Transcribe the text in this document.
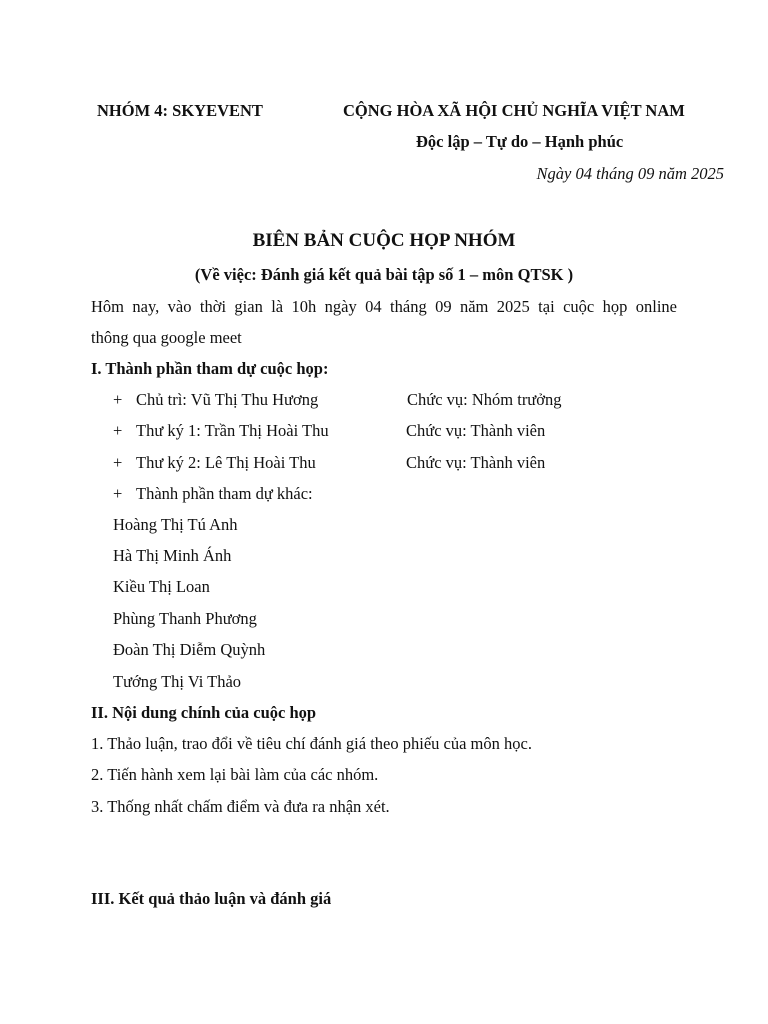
NHÓM 4: SKYEVENT	CỘNG HÒA XÃ HỘI CHỦ NGHĨA VIỆT NAM
Độc lập – Tự do – Hạnh phúc
Ngày 04 tháng 09 năm 2025
BIÊN BẢN CUỘC HỌP NHÓM
(Về việc: Đánh giá kết quả bài tập số 1 – môn QTSK )
Hôm nay, vào thời gian là 10h ngày 04 tháng 09 năm 2025 tại cuộc họp online
thông qua google meet
I. Thành phần tham dự cuộc họp:
+ Chủ trì: Vũ Thị Thu Hương	Chức vụ: Nhóm trưởng
+ Thư ký 1: Trần Thị Hoài Thu	Chức vụ: Thành viên
+ Thư ký 2: Lê Thị Hoài Thu	Chức vụ: Thành viên
+ Thành phần tham dự khác:
Hoàng Thị Tú Anh
Hà Thị Minh Ánh
Kiều Thị Loan
Phùng Thanh Phương
Đoàn Thị Diễm Quỳnh
Tướng Thị Vi Thảo
II. Nội dung chính của cuộc họp
1. Thảo luận, trao đổi về tiêu chí đánh giá theo phiếu của môn học.
2. Tiến hành xem lại bài làm của các nhóm.
3. Thống nhất chấm điểm và đưa ra nhận xét.
III. Kết quả thảo luận và đánh giá
